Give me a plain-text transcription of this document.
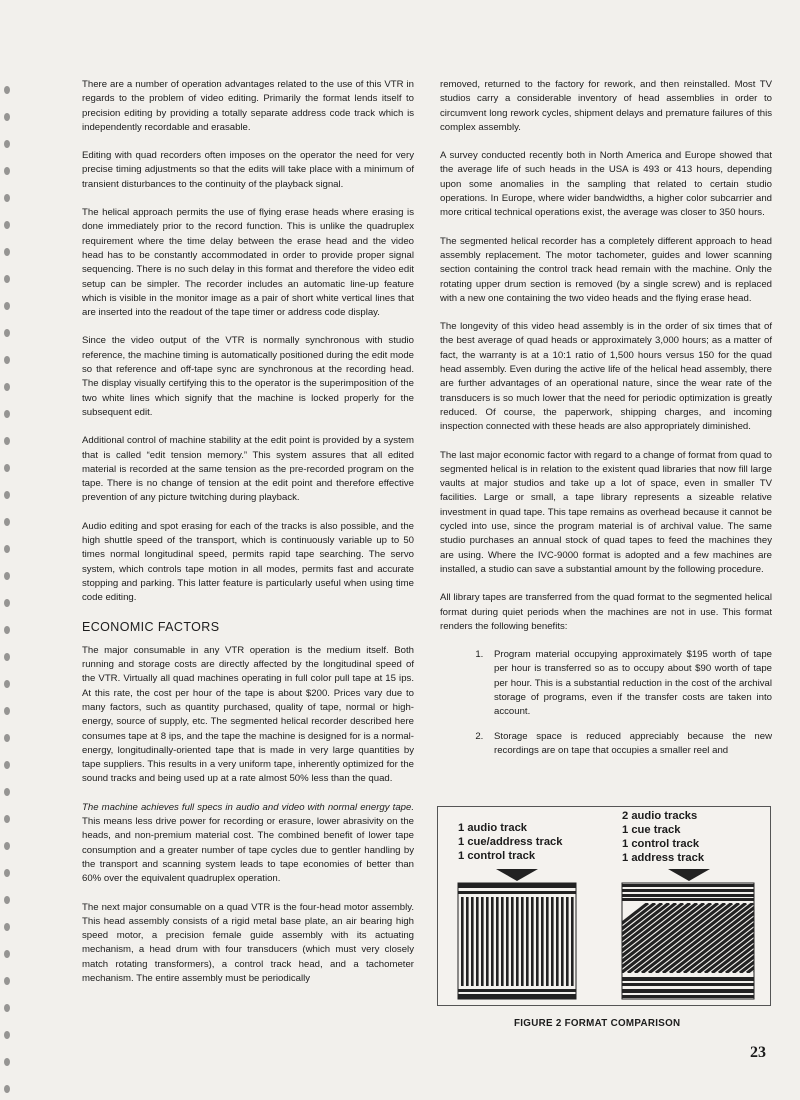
There are a number of operation advantages related to the use of this VTR in regards to the problem of video editing. Primarily the format lends itself to precision editing by providing a totally separate address code track which is independently recordable and erasable.

Editing with quad recorders often imposes on the operator the need for very precise timing adjustments so that the edits will take place with a minimum of transient disturbances to the continuity of the playback signal.

The helical approach permits the use of flying erase heads where erasing is done immediately prior to the record function. This is unlike the quadruplex requirement where the time delay between the erase head and the video head has to be constantly accommodated in order to provide proper signal sequencing. There is no such delay in this format and therefore the video edit setup can be simpler. The recorder includes an automatic line-up feature which is visible in the monitor image as a pair of short white vertical lines that are inserted into the readout of the tape timer or address code display.

Since the video output of the VTR is normally synchronous with studio reference, the machine timing is automatically positioned during the edit mode so that reference and off-tape sync are synchronous at the recording head. The display visually certifying this to the operator is the superimposition of the two white lines which signify that the machine is locked properly for the subsequent edit.

Additional control of machine stability at the edit point is provided by a system that is called “edit tension memory.” This system assures that all edited material is recorded at the same tension as the pre-recorded program on the tape. There is no change of tension at the edit point and therefore effective prevention of any picture twitching during playback.

Audio editing and spot erasing for each of the tracks is also possible, and the high shuttle speed of the transport, which is continuously variable up to 50 times normal longitudinal speed, permits rapid tape searching. The servo system, which controls tape motion in all modes, permits fast and accurate stopping and parking. This latter feature is particularly useful when using time code editing.

ECONOMIC FACTORS

The major consumable in any VTR operation is the medium itself. Both running and storage costs are directly affected by the longitudinal speed of the VTR. Virtually all quad machines operating in full color pull tape at 15 ips. At this rate, the cost per hour of the tape is about $200. Prices vary due to many factors, such as quantity purchased, quality of tape, normal or high-energy, source of supply, etc. The segmented helical recorder described here consumes tape at 8 ips, and the tape the machine is designed for is a normal-energy, longitudinally-oriented tape that is made in very large quantities by tape suppliers. This results in a very uniform tape, inherently optimized for the sound tracks and being used up at a rate almost 50% less than the quad.

The machine achieves full specs in audio and video with normal energy tape. This means less drive power for recording or erasure, lower abrasivity on the heads, and non-premium material cost. The combined benefit of lower tape consumption and a greater number of tape cycles due to gentler handling by the transport and scanning system leads to tape economies of better than 60% over the equivalent quadruplex operation.

The next major consumable on a quad VTR is the four-head motor assembly. This head assembly consists of a rigid metal base plate, an air bearing high speed motor, a precision female guide assembly with its actuating mechanism, a head drum with four transducers (which must very closely match rotating transformers), a control track head, and a tachometer mechanism. The entire assembly must be periodically

removed, returned to the factory for rework, and then reinstalled. Most TV studios carry a considerable inventory of head assemblies in order to circumvent long rework cycles, shipment delays and premature failures of this complex assembly.

A survey conducted recently both in North America and Europe showed that the average life of such heads in the USA is 493 or 413 hours, depending upon some anomalies in the sampling that related to certain studio operations. In Europe, where wider bandwidths, a higher color subcarrier and more critical technical operations exist, the average was closer to 350 hours.

The segmented helical recorder has a completely different approach to head assembly replacement. The motor tachometer, guides and lower scanning section containing the control track head remain with the machine. Only the rotating upper drum section is removed (by a single screw) and is replaced with a new one containing the two video heads and the flying erase head.

The longevity of this video head assembly is in the order of six times that of the best average of quad heads or approximately 3,000 hours; as a matter of fact, the warranty is at a 10:1 ratio of 1,500 hours versus 150 for the quad head assembly. Even during the active life of the helical head assembly, there are further advantages of an operational nature, since the wear rate of the transducers is so much lower that the need for periodic optimization is greatly reduced. Of course, the paperwork, shipping charges, and incoming inspection connected with these heads are also appropriately diminished.

The last major economic factor with regard to a change of format from quad to segmented helical is in relation to the existent quad libraries that now fill large vaults at major studios and take up a lot of space, even in smaller TV facilities. Large or small, a tape library represents a sizeable relative investment in quad tape. This tape remains as overhead because it cannot be cycled into use, since the program material is of archival value. The same studio purchases an annual stock of quad tapes to feed the machines they are using. Where the IVC-9000 format is adopted and a few machines are installed, a studio can save a substantial amount by the following procedure.

All library tapes are transferred from the quad format to the segmented helical format during quiet periods when the machines are not in use. This format renders the following benefits:

1. Program material occupying approximately $195 worth of tape per hour is transferred so as to occupy about $90 worth of tape per hour. This is a substantial reduction in the cost of the archival storage of programs, even if the transfer costs are taken into account.
2. Storage space is reduced appreciably because the new recordings are on tape that occupies a smaller reel and
1 audio track
1 cue/address track
1 control track
2 audio tracks
1 cue track
1 control track
1 address track
FIGURE 2 FORMAT COMPARISON
23
